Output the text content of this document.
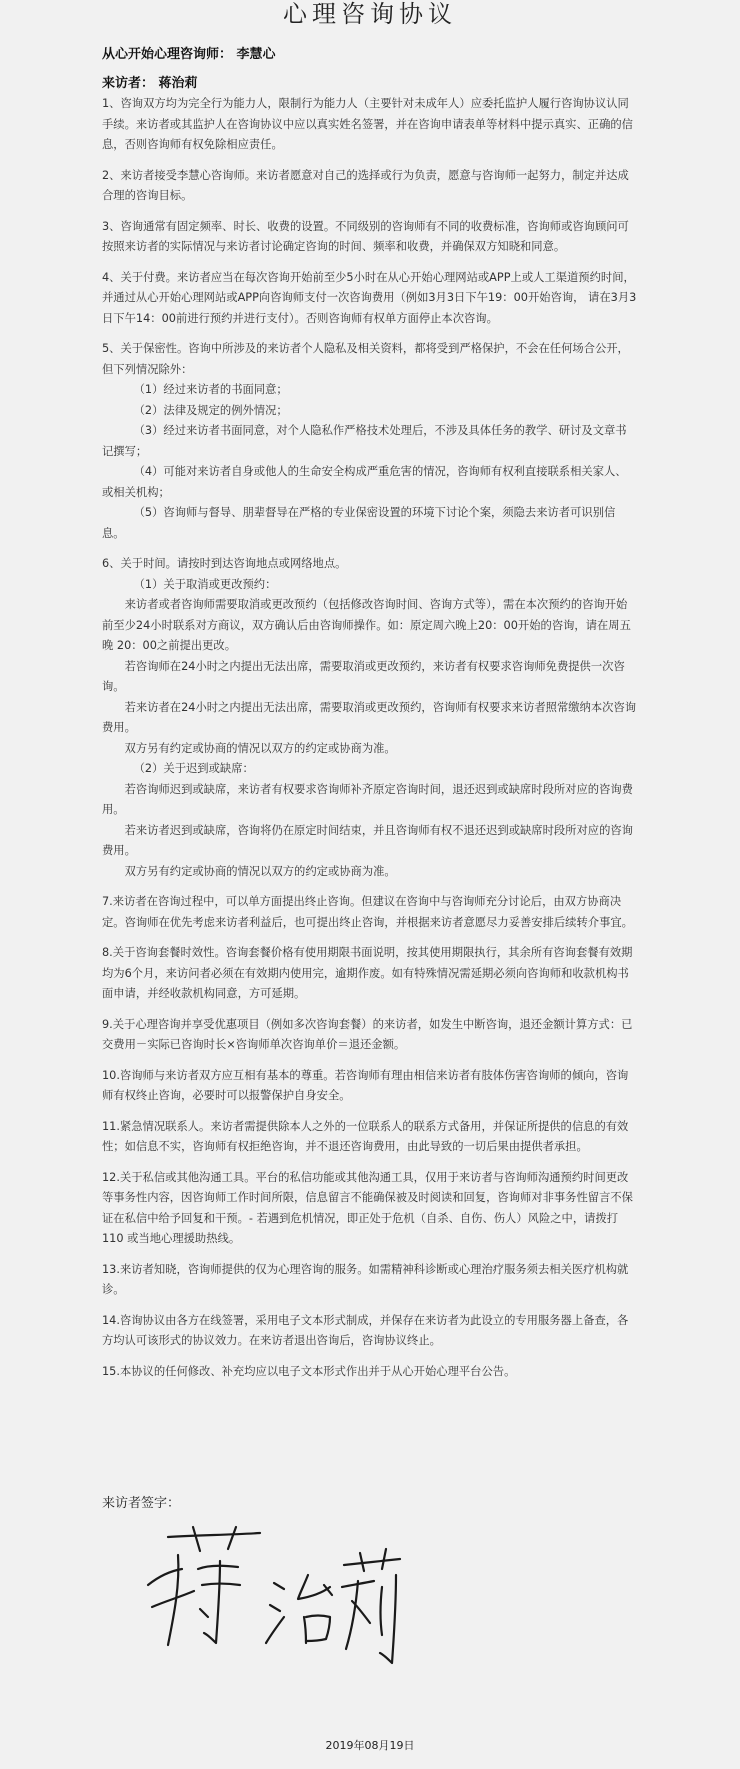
心理咨询协议
从心开始心理咨询师： 李慧心
来访者： 蒋治莉

1、咨询双方均为完全行为能力人，限制行为能力人（主要针对未成年人）应委托监护人履行咨询协议认同手续。来访者或其监护人在咨询协议中应以真实姓名签署，并在咨询申请表单等材料中提示真实、正确的信息，否则咨询师有权免除相应责任。

2、来访者接受李慧心咨询师。来访者愿意对自己的选择或行为负责，愿意与咨询师一起努力，制定并达成合理的咨询目标。

3、咨询通常有固定频率、时长、收费的设置。不同级别的咨询师有不同的收费标准，咨询师或咨询顾问可按照来访者的实际情况与来访者讨论确定咨询的时间、频率和收费，并确保双方知晓和同意。

4、关于付费。来访者应当在每次咨询开始前至少5小时在从心开始心理网站或APP上或人工渠道预约时间，并通过从心开始心理网站或APP向咨询师支付一次咨询费用（例如3月3日下午19：00开始咨询， 请在3月3日下午14：00前进行预约并进行支付）。否则咨询师有权单方面停止本次咨询。

5、关于保密性。咨询中所涉及的来访者个人隐私及相关资料，都将受到严格保护，不会在任何场合公开，但下列情况除外：

（1）经过来访者的书面同意；

（2）法律及规定的例外情况；

（3）经过来访者书面同意，对个人隐私作严格技术处理后，不涉及具体任务的教学、研讨及文章书记撰写；

（4）可能对来访者自身或他人的生命安全构成严重危害的情况，咨询师有权利直接联系相关家人、或相关机构；

（5）咨询师与督导、朋辈督导在严格的专业保密设置的环境下讨论个案，须隐去来访者可识别信息。

6、关于时间。请按时到达咨询地点或网络地点。

（1）关于取消或更改预约：

来访者或者咨询师需要取消或更改预约（包括修改咨询时间、咨询方式等），需在本次预约的咨询开始前至少24小时联系对方商议，双方确认后由咨询师操作。如：原定周六晚上20：00开始的咨询，请在周五晚 20：00之前提出更改。

若咨询师在24小时之内提出无法出席，需要取消或更改预约，来访者有权要求咨询师免费提供一次咨询。

若来访者在24小时之内提出无法出席，需要取消或更改预约，咨询师有权要求来访者照常缴纳本次咨询费用。

双方另有约定或协商的情况以双方的约定或协商为准。

（2）关于迟到或缺席：

若咨询师迟到或缺席，来访者有权要求咨询师补齐原定咨询时间，退还迟到或缺席时段所对应的咨询费用。

若来访者迟到或缺席，咨询将仍在原定时间结束，并且咨询师有权不退还迟到或缺席时段所对应的咨询费用。

双方另有约定或协商的情况以双方的约定或协商为准。

7.来访者在咨询过程中，可以单方面提出终止咨询。但建议在咨询中与咨询师充分讨论后，由双方协商决定。咨询师在优先考虑来访者利益后，也可提出终止咨询，并根据来访者意愿尽力妥善安排后续转介事宜。

8.关于咨询套餐时效性。咨询套餐价格有使用期限书面说明，按其使用期限执行，其余所有咨询套餐有效期均为6个月，来访问者必须在有效期内使用完，逾期作废。如有特殊情况需延期必须向咨询师和收款机构书面申请，并经收款机构同意，方可延期。

9.关于心理咨询并享受优惠项目（例如多次咨询套餐）的来访者，如发生中断咨询，退还金额计算方式：已交费用－实际已咨询时长×咨询师单次咨询单价＝退还金额。

10.咨询师与来访者双方应互相有基本的尊重。若咨询师有理由相信来访者有肢体伤害咨询师的倾向，咨询师有权终止咨询，必要时可以报警保护自身安全。

11.紧急情况联系人。来访者需提供除本人之外的一位联系人的联系方式备用，并保证所提供的信息的有效性；如信息不实，咨询师有权拒绝咨询，并不退还咨询费用，由此导致的一切后果由提供者承担。

12.关于私信或其他沟通工具。平台的私信功能或其他沟通工具，仅用于来访者与咨询师沟通预约时间更改等事务性内容，因咨询师工作时间所限，信息留言不能确保被及时阅读和回复，咨询师对非事务性留言不保证在私信中给予回复和干预。- 若遇到危机情况，即正处于危机（自杀、自伤、伤人）风险之中，请拨打 110 或当地心理援助热线。

13.来访者知晓，咨询师提供的仅为心理咨询的服务。如需精神科诊断或心理治疗服务须去相关医疗机构就诊。

14.咨询协议由各方在线签署，采用电子文本形式制成，并保存在来访者为此设立的专用服务器上备查，各方均认可该形式的协议效力。在来访者退出咨询后，咨询协议终止。

15.本协议的任何修改、补充均应以电子文本形式作出并于从心开始心理平台公告。

来访者签字：
2019年08月19日
